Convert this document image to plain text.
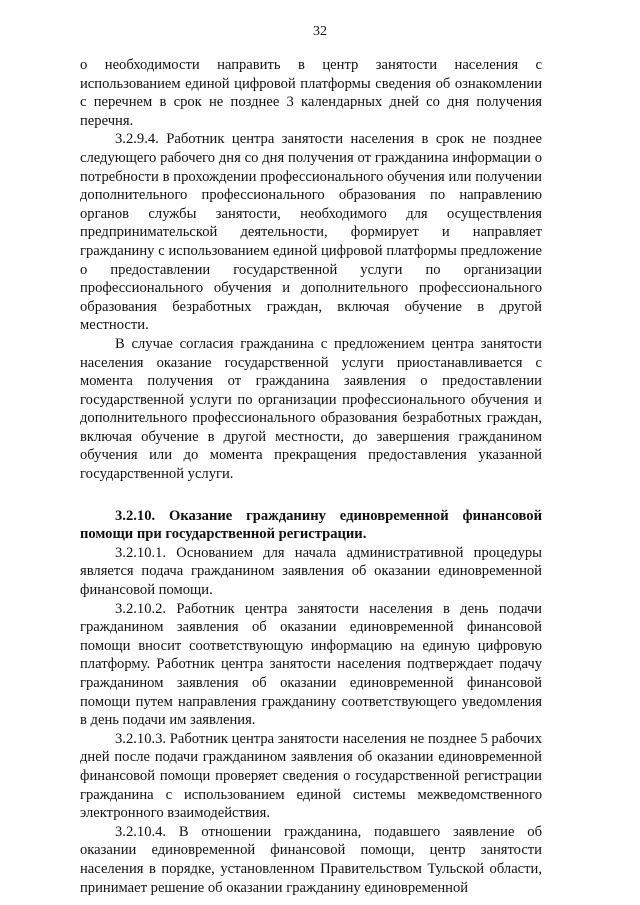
32

о необходимости направить в центр занятости населения с использованием единой цифровой платформы сведения об ознакомлении с перечнем в срок не позднее 3 календарных дней со дня получения перечня.

3.2.9.4. Работник центра занятости населения в срок не позднее следующего рабочего дня со дня получения от гражданина информации о потребности в прохождении профессионального обучения или получении дополнительного профессионального образования по направлению органов службы занятости, необходимого для осуществления предпринимательской деятельности, формирует и направляет гражданину с использованием единой цифровой платформы предложение о предоставлении государственной услуги по организации профессионального обучения и дополнительного профессионального образования безработных граждан, включая обучение в другой местности.

В случае согласия гражданина с предложением центра занятости населения оказание государственной услуги приостанавливается с момента получения от гражданина заявления о предоставлении государственной услуги по организации профессионального обучения и дополнительного профессионального образования безработных граждан, включая обучение в другой местности, до завершения гражданином обучения или до момента прекращения предоставления указанной государственной услуги.

3.2.10. Оказание гражданину единовременной финансовой помощи при государственной регистрации.

3.2.10.1. Основанием для начала административной процедуры является подача гражданином заявления об оказании единовременной финансовой помощи.

3.2.10.2. Работник центра занятости населения в день подачи гражданином заявления об оказании единовременной финансовой помощи вносит соответствующую информацию на единую цифровую платформу. Работник центра занятости населения подтверждает подачу гражданином заявления об оказании единовременной финансовой помощи путем направления гражданину соответствующего уведомления в день подачи им заявления.

3.2.10.3. Работник центра занятости населения не позднее 5 рабочих дней после подачи гражданином заявления об оказании единовременной финансовой помощи проверяет сведения о государственной регистрации гражданина с использованием единой системы межведомственного электронного взаимодействия.

3.2.10.4. В отношении гражданина, подавшего заявление об оказании единовременной финансовой помощи, центр занятости населения в порядке, установленном Правительством Тульской области, принимает решение об оказании гражданину единовременной
